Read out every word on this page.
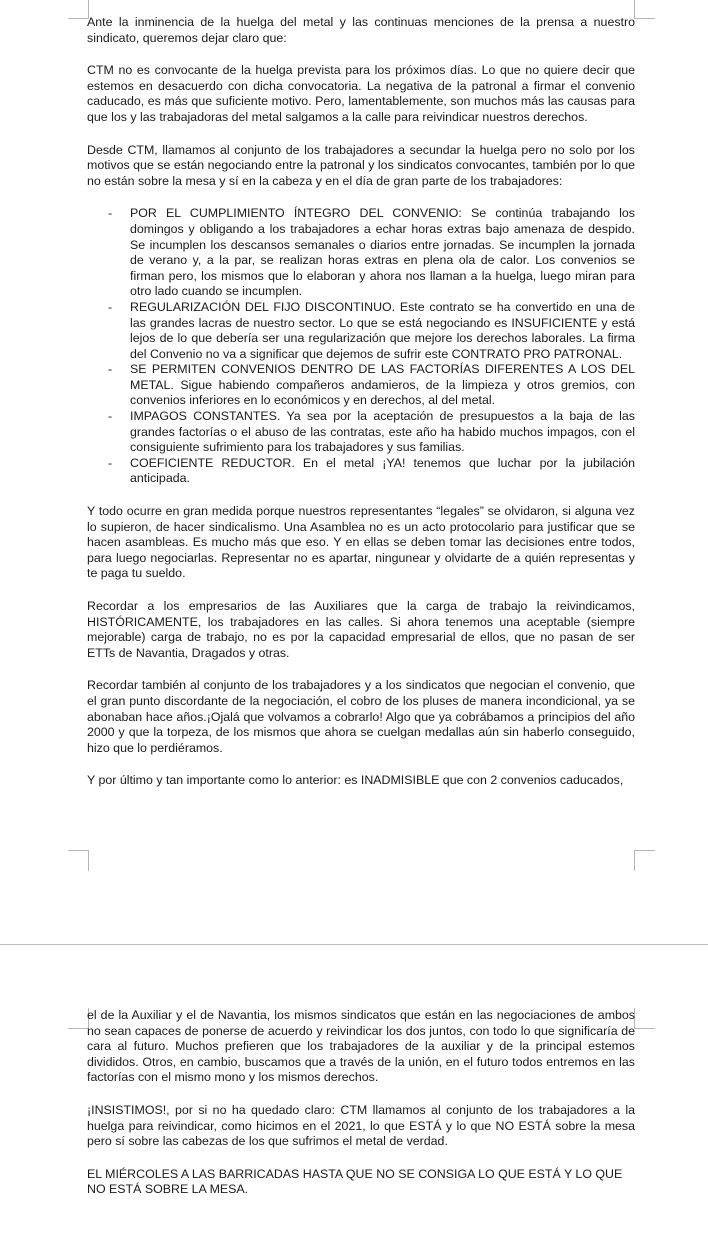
Ante la inminencia de la huelga del metal y las continuas menciones de la prensa a nuestro sindicato, queremos dejar claro que:

CTM no es convocante de la huelga prevista para los próximos días. Lo que no quiere decir que estemos en desacuerdo con dicha convocatoria. La negativa de la patronal a firmar el convenio caducado, es más que suficiente motivo. Pero, lamentablemente, son muchos más las causas para que los y las trabajadoras del metal salgamos a la calle para reivindicar nuestros derechos.

Desde CTM, llamamos al conjunto de los trabajadores a secundar la huelga pero no solo por los motivos que se están negociando entre la patronal y los sindicatos convocantes, también por lo que no están sobre la mesa y sí en la cabeza y en el día de gran parte de los trabajadores:

- POR EL CUMPLIMIENTO ÍNTEGRO DEL CONVENIO: Se continúa trabajando los domingos y obligando a los trabajadores a echar horas extras bajo amenaza de despido. Se incumplen los descansos semanales o diarios entre jornadas. Se incumplen la jornada de verano y, a la par, se realizan horas extras en plena ola de calor. Los convenios se firman pero, los mismos que lo elaboran y ahora nos llaman a la huelga, luego miran para otro lado cuando se incumplen.
- REGULARIZACIÓN DEL FIJO DISCONTINUO. Este contrato se ha convertido en una de las grandes lacras de nuestro sector. Lo que se está negociando es INSUFICIENTE y está lejos de lo que debería ser una regularización que mejore los derechos laborales. La firma del Convenio no va a significar que dejemos de sufrir este CONTRATO PRO PATRONAL.
- SE PERMITEN CONVENIOS DENTRO DE LAS FACTORÍAS DIFERENTES A LOS DEL METAL. Sigue habiendo compañeros andamieros, de la limpieza y otros gremios, con convenios inferiores en lo económicos y en derechos, al del metal.
- IMPAGOS CONSTANTES. Ya sea por la aceptación de presupuestos a la baja de las grandes factorías o el abuso de las contratas, este año ha habido muchos impagos, con el consiguiente sufrimiento para los trabajadores y sus familias.
- COEFICIENTE REDUCTOR. En el metal ¡YA! tenemos que luchar por la jubilación anticipada.

Y todo ocurre en gran medida porque nuestros representantes “legales” se olvidaron, si alguna vez lo supieron, de hacer sindicalismo. Una Asamblea no es un acto protocolario para justificar que se hacen asambleas. Es mucho más que eso. Y en ellas se deben tomar las decisiones entre todos, para luego negociarlas. Representar no es apartar, ningunear y olvidarte de a quién representas y te paga tu sueldo.

Recordar a los empresarios de las Auxiliares que la carga de trabajo la reivindicamos, HISTÓRICAMENTE, los trabajadores en las calles. Si ahora tenemos una aceptable (siempre mejorable) carga de trabajo, no es por la capacidad empresarial de ellos, que no pasan de ser ETTs de Navantia, Dragados y otras.

Recordar también al conjunto de los trabajadores y a los sindicatos que negocian el convenio, que el gran punto discordante de la negociación, el cobro de los pluses de manera incondicional, ya se abonaban hace años.¡Ojalá que volvamos a cobrarlo! Algo que ya cobrábamos a principios del año 2000 y que la torpeza, de los mismos que ahora se cuelgan medallas aún sin haberlo conseguido, hizo que lo perdiéramos.

Y por último y tan importante como lo anterior: es INADMISIBLE que con 2 convenios caducados,

el de la Auxiliar y el de Navantia, los mismos sindicatos que están en las negociaciones de ambos no sean capaces de ponerse de acuerdo y reivindicar los dos juntos, con todo lo que significaría de cara al futuro. Muchos prefieren que los trabajadores de la auxiliar y de la principal estemos divididos. Otros, en cambio, buscamos que a través de la unión, en el futuro todos entremos en las factorías con el mismo mono y los mismos derechos.

¡INSISTIMOS!, por si no ha quedado claro: CTM llamamos al conjunto de los trabajadores a la huelga para reivindicar, como hicimos en el 2021, lo que ESTÁ y lo que NO ESTÁ sobre la mesa pero sí sobre las cabezas de los que sufrimos el metal de verdad.

EL MIÉRCOLES A LAS BARRICADAS HASTA QUE NO SE CONSIGA LO QUE ESTÁ Y LO QUE NO ESTÁ SOBRE LA MESA.
